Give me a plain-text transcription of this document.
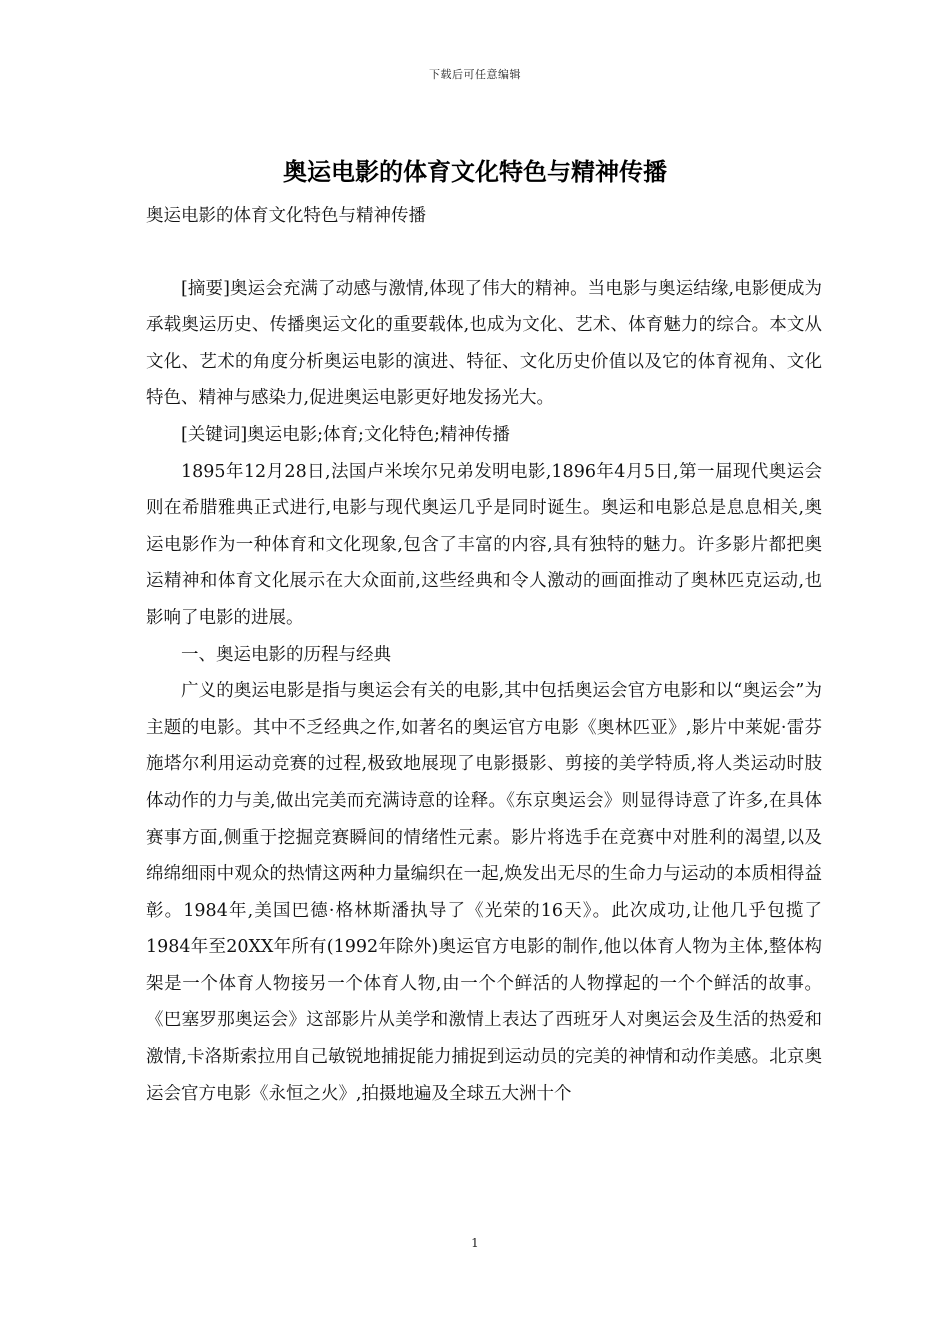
下载后可任意编辑
奥运电影的体育文化特色与精神传播

奥运电影的体育文化特色与精神传播

[摘要]奥运会充满了动感与激情,体现了伟大的精神。当电影与奥运结缘,电影便成为承载奥运历史、传播奥运文化的重要载体,也成为文化、艺术、体育魅力的综合。本文从文化、艺术的角度分析奥运电影的演进、特征、文化历史价值以及它的体育视角、文化特色、精神与感染力,促进奥运电影更好地发扬光大。

[关键词]奥运电影;体育;文化特色;精神传播

1895年12月28日,法国卢米埃尔兄弟发明电影,1896年4月5日,第一届现代奥运会则在希腊雅典正式进行,电影与现代奥运几乎是同时诞生。奥运和电影总是息息相关,奥运电影作为一种体育和文化现象,包含了丰富的内容,具有独特的魅力。许多影片都把奥运精神和体育文化展示在大众面前,这些经典和令人激动的画面推动了奥林匹克运动,也影响了电影的进展。

一、奥运电影的历程与经典

广义的奥运电影是指与奥运会有关的电影,其中包括奥运会官方电影和以“奥运会”为主题的电影。其中不乏经典之作,如著名的奥运官方电影《奥林匹亚》,影片中莱妮·雷芬施塔尔利用运动竞赛的过程,极致地展现了电影摄影、剪接的美学特质,将人类运动时肢体动作的力与美,做出完美而充满诗意的诠释。《东京奥运会》则显得诗意了许多,在具体赛事方面,侧重于挖掘竞赛瞬间的情绪性元素。影片将选手在竞赛中对胜利的渴望,以及绵绵细雨中观众的热情这两种力量编织在一起,焕发出无尽的生命力与运动的本质相得益彰。1984年,美国巴德·格林斯潘执导了《光荣的16天》。此次成功,让他几乎包揽了1984年至20XX年所有(1992年除外)奥运官方电影的制作,他以体育人物为主体,整体构架是一个体育人物接另一个体育人物,由一个个鲜活的人物撑起的一个个鲜活的故事。《巴塞罗那奥运会》这部影片从美学和激情上表达了西班牙人对奥运会及生活的热爱和激情,卡洛斯索拉用自己敏锐地捕捉能力捕捉到运动员的完美的神情和动作美感。北京奥运会官方电影《永恒之火》,拍摄地遍及全球五大洲十个

1
